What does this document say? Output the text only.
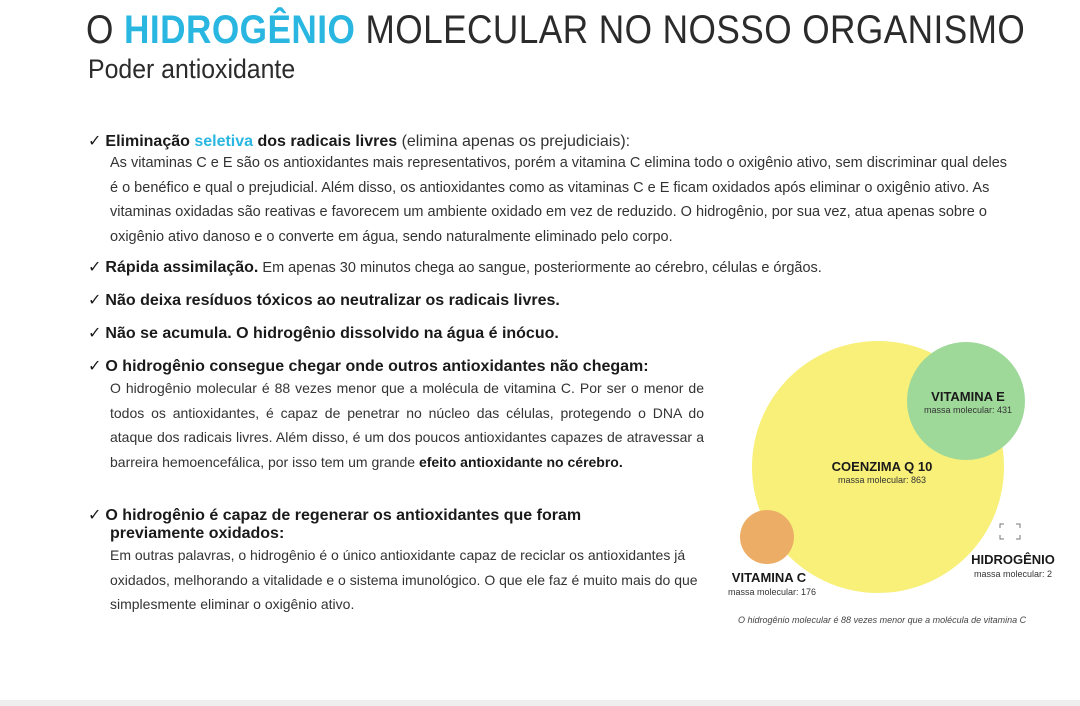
O HIDROGÊNIO MOLECULAR NO NOSSO ORGANISMO
Poder antioxidante
✓ Eliminação seletiva dos radicais livres (elimina apenas os prejudiciais):
As vitaminas C e E são os antioxidantes mais representativos, porém a vitamina C elimina todo o oxigênio ativo, sem discriminar qual deles é o benéfico e qual o prejudicial. Além disso, os antioxidantes como as vitaminas C e E ficam oxidados após eliminar o oxigênio ativo. As vitaminas oxidadas são reativas e favorecem um ambiente oxidado em vez de reduzido. O hidrogênio, por sua vez, atua apenas sobre o oxigênio ativo danoso e o converte em água, sendo naturalmente eliminado pelo corpo.
✓ Rápida assimilação. Em apenas 30 minutos chega ao sangue, posteriormente ao cérebro, células e órgãos.
✓ Não deixa resíduos tóxicos ao neutralizar os radicais livres.
✓ Não se acumula. O hidrogênio dissolvido na água é inócuo.
✓ O hidrogênio consegue chegar onde outros antioxidantes não chegam:
O hidrogênio molecular é 88 vezes menor que a molécula de vitamina C. Por ser o menor de todos os antioxidantes, é capaz de penetrar no núcleo das células, protegendo o DNA do ataque dos radicais livres. Além disso, é um dos poucos antioxidantes capazes de atravessar a barreira hemoencefálica, por isso tem um grande efeito antioxidante no cérebro.
✓ O hidrogênio é capaz de regenerar os antioxidantes que foram
previamente oxidados:
Em outras palavras, o hidrogênio é o único antioxidante capaz de reciclar os antioxidantes já oxidados, melhorando a vitalidade e o sistema imunológico. O que ele faz é muito mais do que simplesmente eliminar o oxigênio ativo.
VITAMINA E
massa molecular: 431
COENZIMA Q 10
massa molecular: 863
VITAMINA C
massa molecular: 176
HIDROGÊNIO
massa molecular: 2
O hidrogênio molecular é 88 vezes menor que a molécula de vitamina C
